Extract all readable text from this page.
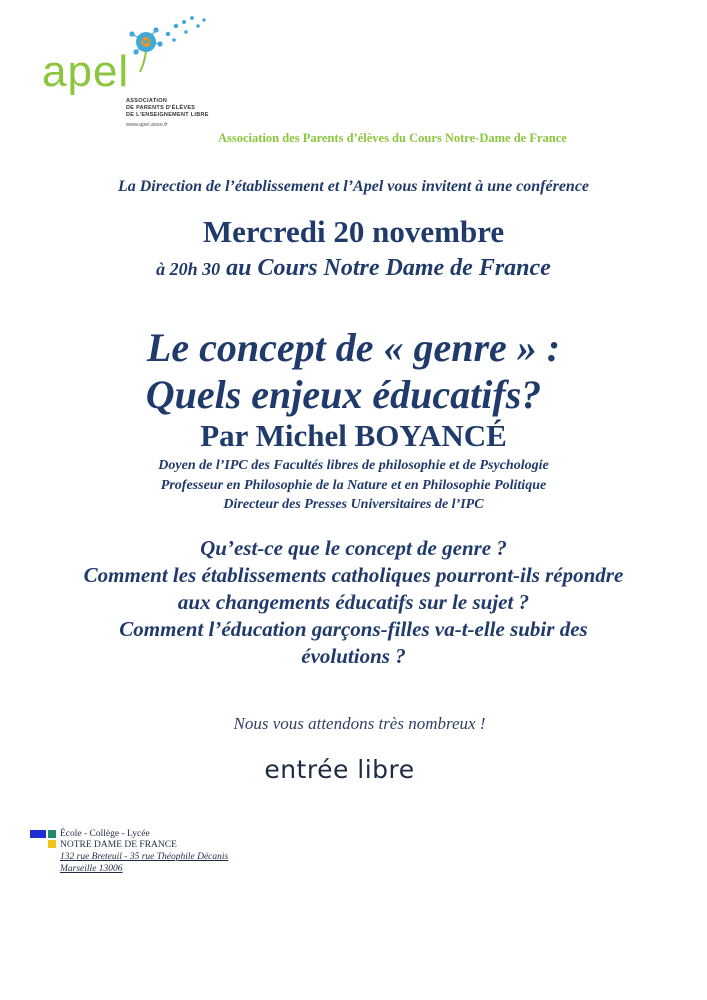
apel
ASSOCIATION
DE PARENTS D'ÉLÈVES
DE L'ENSEIGNEMENT LIBRE
www.apel.asso.fr
Association des Parents d’élèves du Cours Notre-Dame de France
La Direction de l’établissement et l’Apel vous invitent à une conférence
Mercredi 20 novembre
à 20h 30 au Cours Notre Dame de France
Le concept de « genre » :
Quels enjeux éducatifs?
Par Michel BOYANCÉ
Doyen de l’IPC des Facultés libres de philosophie et de Psychologie
Professeur en Philosophie de la Nature et en Philosophie Politique
Directeur des Presses Universitaires de l’IPC
Qu’est-ce que le concept de genre ?
Comment les établissements catholiques pourront-ils répondre
aux changements éducatifs sur le sujet ?
Comment l’éducation garçons-filles va-t-elle subir des
évolutions ?
Nous vous attendons très nombreux !
entrée libre
École - Collège - Lycée
NOTRE DAME DE FRANCE
132 rue Breteuil - 35 rue Théophile Décanis
Marseille 13006
